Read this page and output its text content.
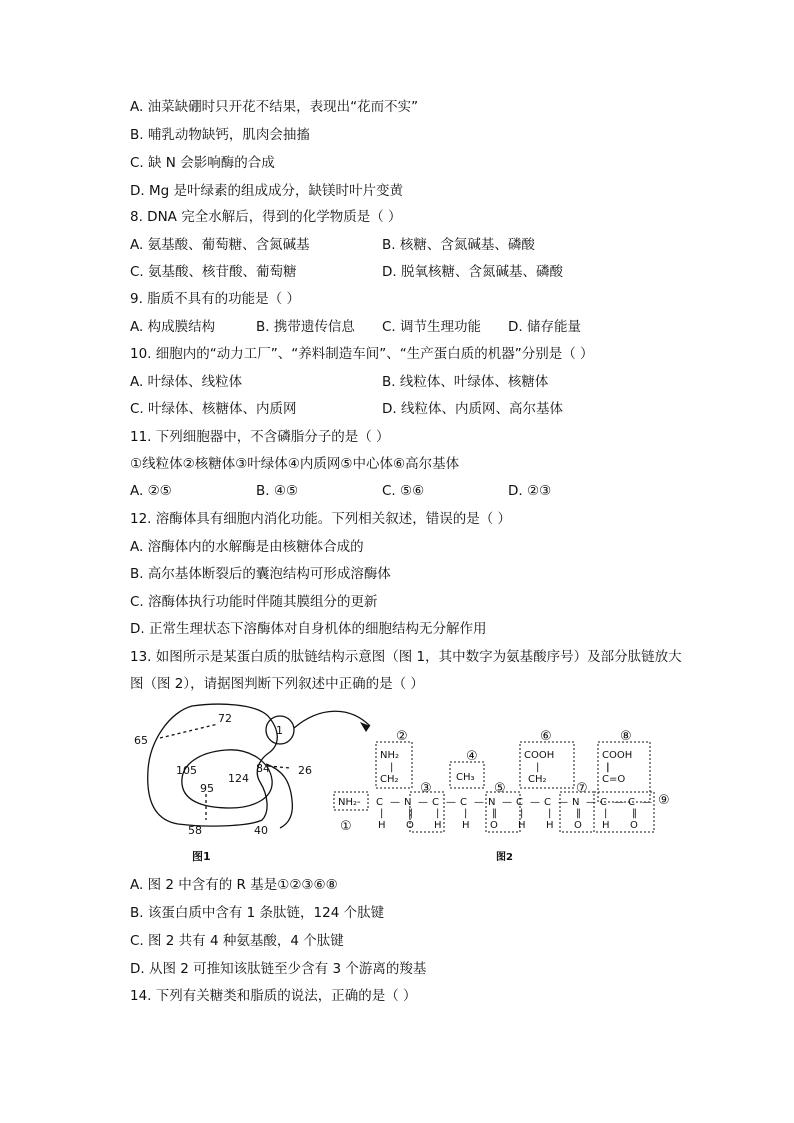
A. 油菜缺硼时只开花不结果，表现出“花而不实”
B. 哺乳动物缺钙，肌肉会抽搐
C. 缺 N 会影响酶的合成
D. Mg 是叶绿素的组成成分，缺镁时叶片变黄
8. DNA 完全水解后，得到的化学物质是（ ）
A. 氨基酸、葡萄糖、含氮碱基	B. 核糖、含氮碱基、磷酸
C. 氨基酸、核苷酸、葡萄糖	D. 脱氧核糖、含氮碱基、磷酸
9. 脂质不具有的功能是（ ）
A. 构成膜结构	B. 携带遗传信息 C. 调节生理功能 D. 储存能量
10. 细胞内的“动力工厂”、“养料制造车间”、“生产蛋白质的机器”分别是（ ）
A. 叶绿体、线粒体	B. 线粒体、叶绿体、核糖体
C. 叶绿体、核糖体、内质网	D. 线粒体、内质网、高尔基体
11. 下列细胞器中，不含磷脂分子的是（ ）
①线粒体②核糖体③叶绿体④内质网⑤中心体⑥高尔基体
A. ②⑤	B. ④⑤	C. ⑤⑥	D. ②③
12. 溶酶体具有细胞内消化功能。下列相关叙述，错误的是（ ）
A. 溶酶体内的水解酶是由核糖体合成的
B. 高尔基体断裂后的囊泡结构可形成溶酶体
C. 溶酶体执行功能时伴随其膜组分的更新
D. 正常生理状态下溶酶体对自身机体的细胞结构无分解作用
13. 如图所示是某蛋白质的肽链结构示意图（图 1，其中数字为氨基酸序号）及部分肽链放大
图（图 2），请据图判断下列叙述中正确的是（ ）
1
72
65
105
124
84	26
95
58	40
图1
②
④
⑥	⑧
③	⑤	⑦
⑨
①
NH₂
|
CH₂	CH₃
COOH
|
CH₂
COOH
|
C=O
NH₂- C — N — C — C — N — C — C — N — C — C —
|
H
‖
O
|
H
|
H
‖
O
|
H
|
H
‖
O
|
H
‖
O
图2
A. 图 2 中含有的 R 基是①②③⑥⑧
B. 该蛋白质中含有 1 条肽链，124 个肽键
C. 图 2 共有 4 种氨基酸，4 个肽键
D. 从图 2 可推知该肽链至少含有 3 个游离的羧基
14. 下列有关糖类和脂质的说法，正确的是（ ）
